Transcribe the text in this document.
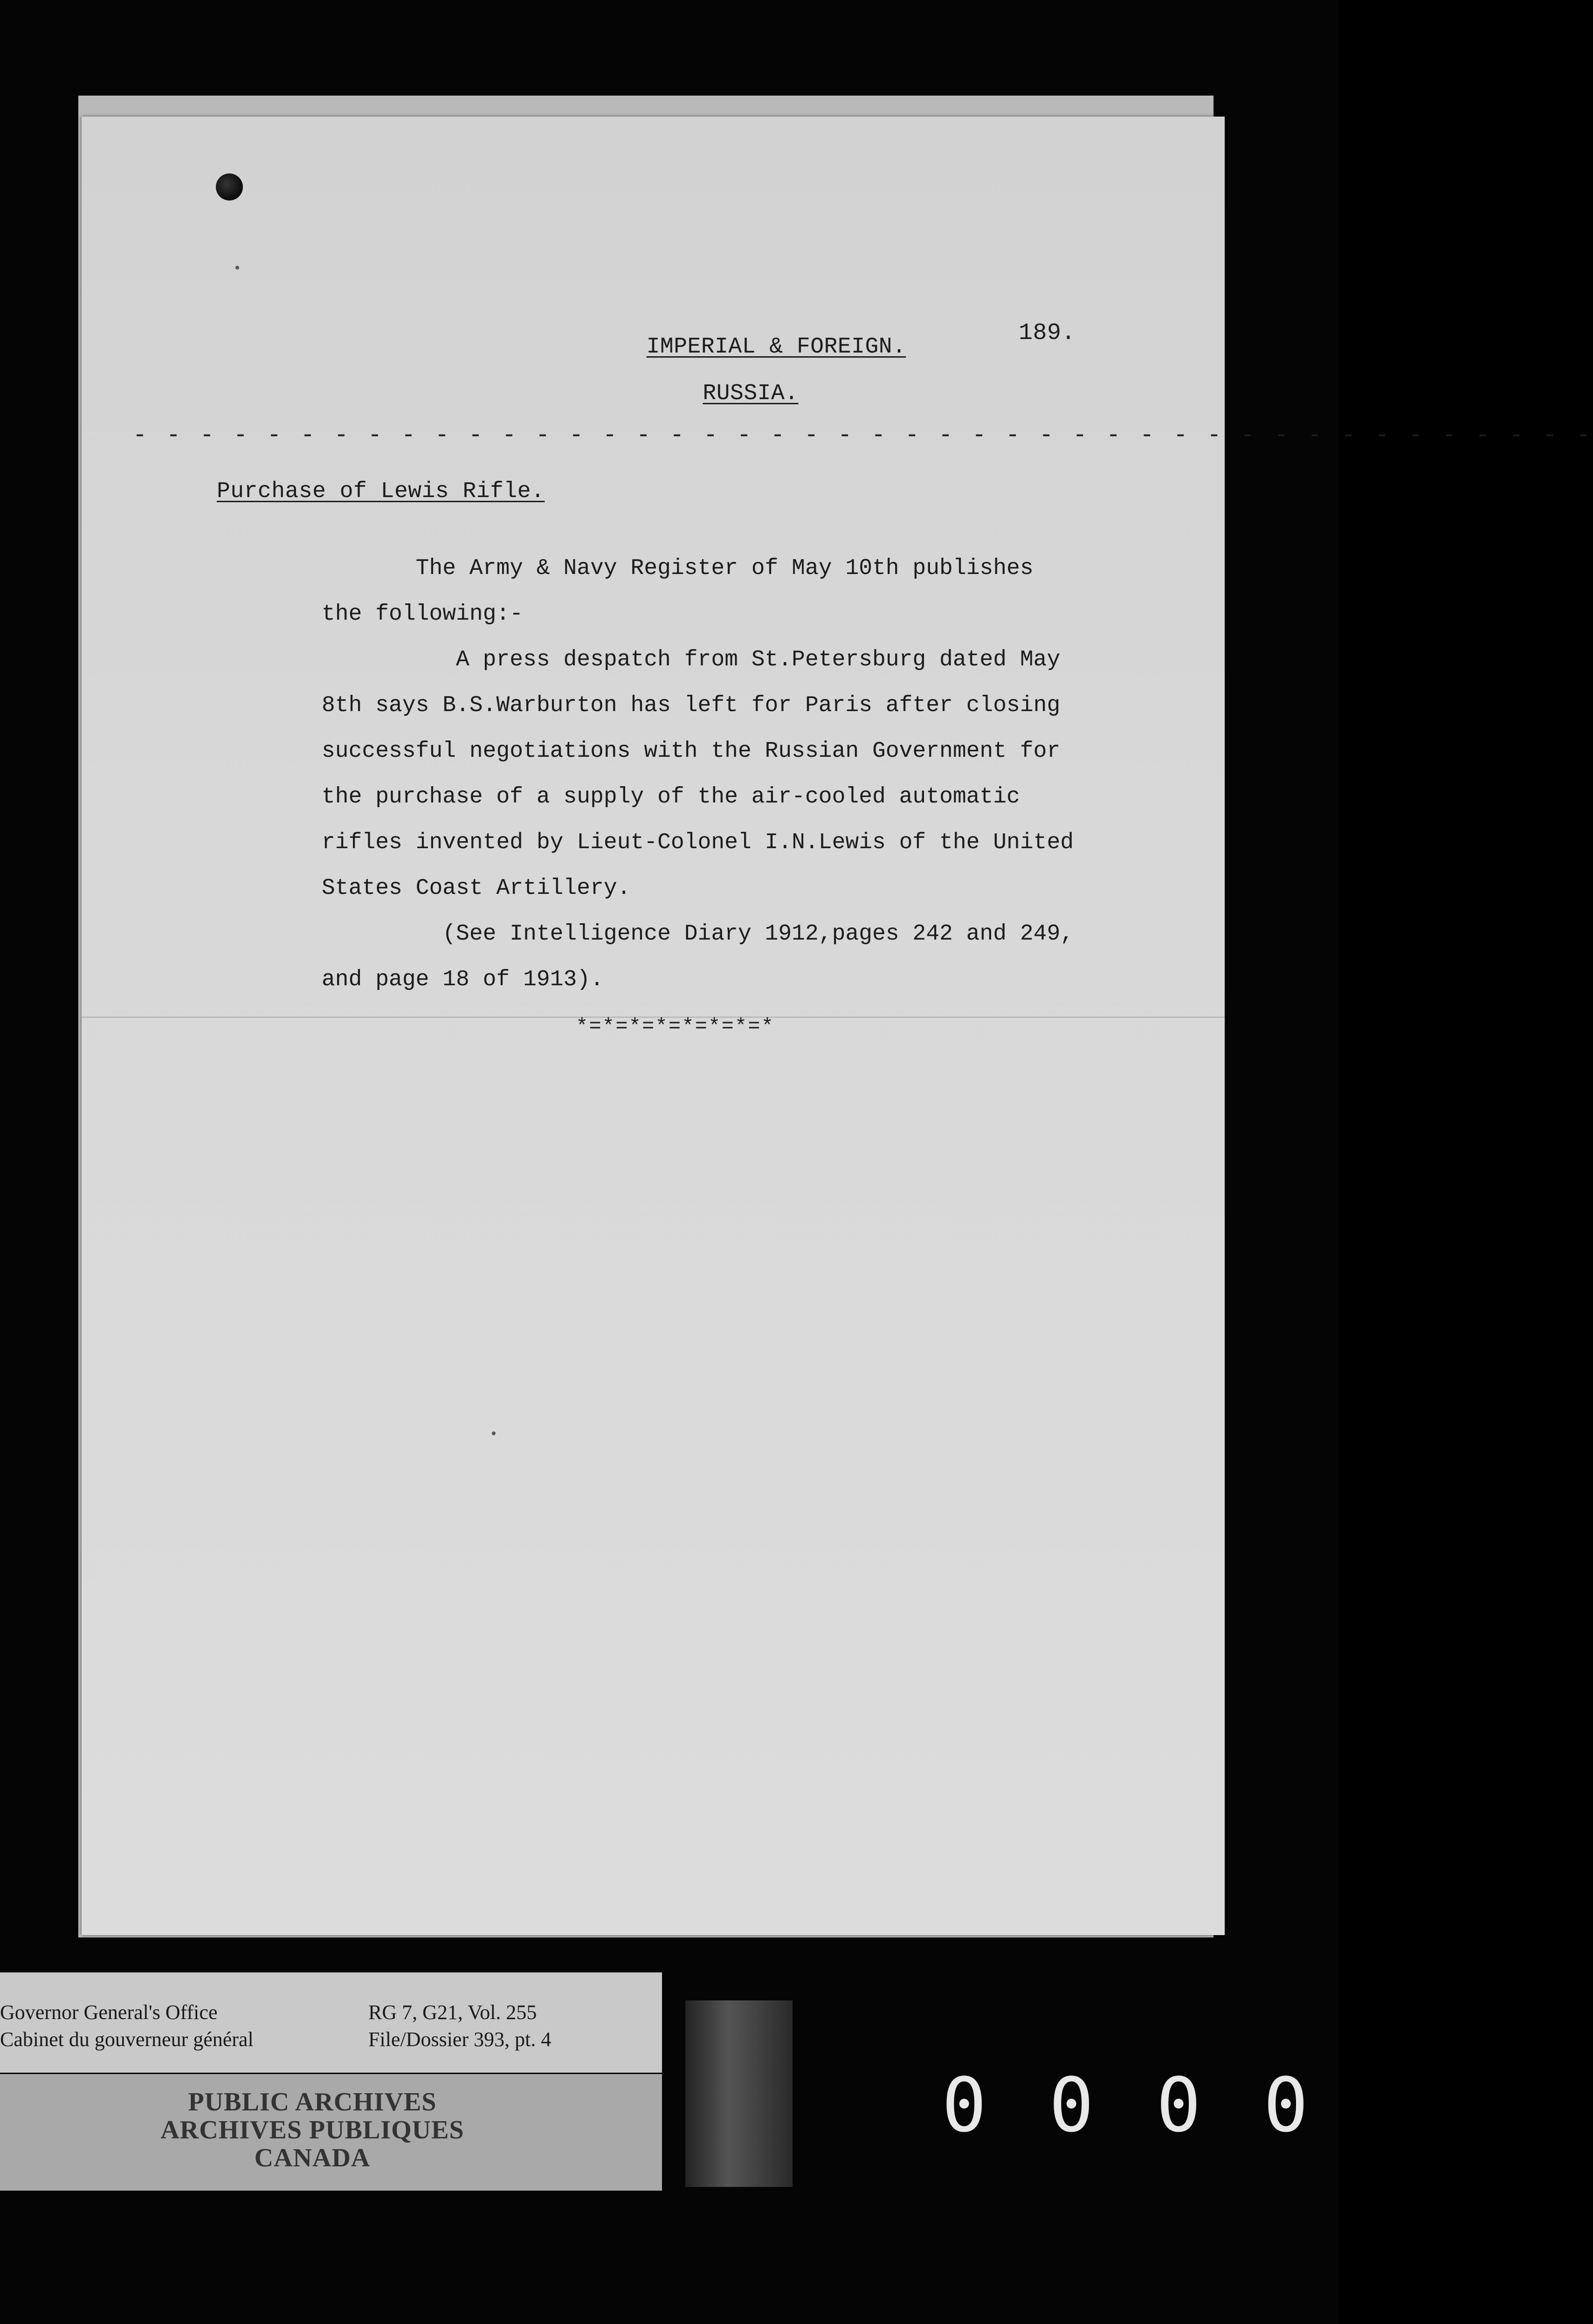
189.
IMPERIAL & FOREIGN.
RUSSIA.
- - - - - - - - - - - - - - - - - - - - - - - - - - - - - - - - - - - - - - - - - - - -
Purchase of Lewis Rifle.
The Army & Navy Register of May 10th publishes
the following:-
A press despatch from St.Petersburg dated May
8th says B.S.Warburton has left for Paris after closing
successful negotiations with the Russian Government for
the purchase of a supply of the air-cooled automatic
rifles invented by Lieut-Colonel I.N.Lewis of the United
States Coast Artillery.
(See Intelligence Diary 1912,pages 242 and 249,
and page 18 of 1913).
*=*=*=*=*=*=*=*
Governor General's Office
Cabinet du gouverneur général
RG 7, G21, Vol. 255
File/Dossier 393, pt. 4
PUBLIC ARCHIVES
ARCHIVES PUBLIQUES
CANADA
0 0 0 0
